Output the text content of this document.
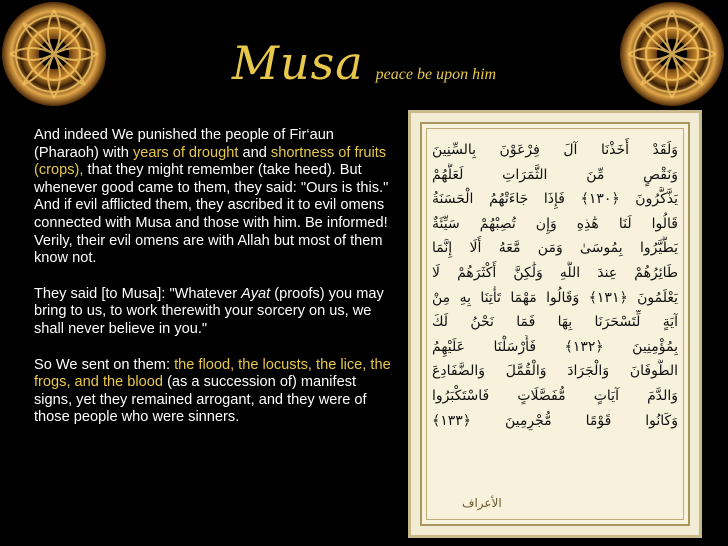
Musa peace be upon him

And indeed We punished the people of Fir‘aun (Pharaoh) with years of drought and shortness of fruits (crops), that they might remember (take heed). But whenever good came to them, they said: "Ours is this." And if evil afflicted them, they ascribed it to evil omens connected with Musa and those with him. Be informed! Verily, their evil omens are with Allah but most of them know not.

They said [to Musa]: "Whatever Ayat (proofs) you may bring to us, to work therewith your sorcery on us, we shall never believe in you."

So We sent on them: the flood, the locusts, the lice, the frogs, and the blood (as a succession of) manifest signs, yet they remained arrogant, and they were of those people who were sinners.

وَلَقَدْ أَخَذْنَا آلَ فِرْعَوْنَ بِالسِّنِينَ
وَنَقْصٍ مِّنَ الثَّمَرَاتِ لَعَلَّهُمْ
يَذَّكَّرُونَ ﴿١٣٠﴾ فَإِذَا جَاءَتْهُمُ الْحَسَنَةُ
قَالُوا لَنَا هَٰذِهِ وَإِن تُصِبْهُمْ سَيِّئَةٌ
يَطَّيَّرُوا بِمُوسَىٰ وَمَن مَّعَهُ أَلَا إِنَّمَا
طَائِرُهُمْ عِندَ اللَّهِ وَلَٰكِنَّ أَكْثَرَهُمْ لَا
يَعْلَمُونَ ﴿١٣١﴾ وَقَالُوا مَهْمَا تَأْتِنَا بِهِ مِنْ
آيَةٍ لِّتَسْحَرَنَا بِهَا فَمَا نَحْنُ لَكَ
بِمُؤْمِنِينَ ﴿١٣٢﴾ فَأَرْسَلْنَا عَلَيْهِمُ
الطُّوفَانَ وَالْجَرَادَ وَالْقُمَّلَ وَالضَّفَادِعَ
وَالدَّمَ آيَاتٍ مُّفَصَّلَاتٍ فَاسْتَكْبَرُوا
وَكَانُوا قَوْمًا مُّجْرِمِينَ ﴿١٣٣﴾
الأعراف
